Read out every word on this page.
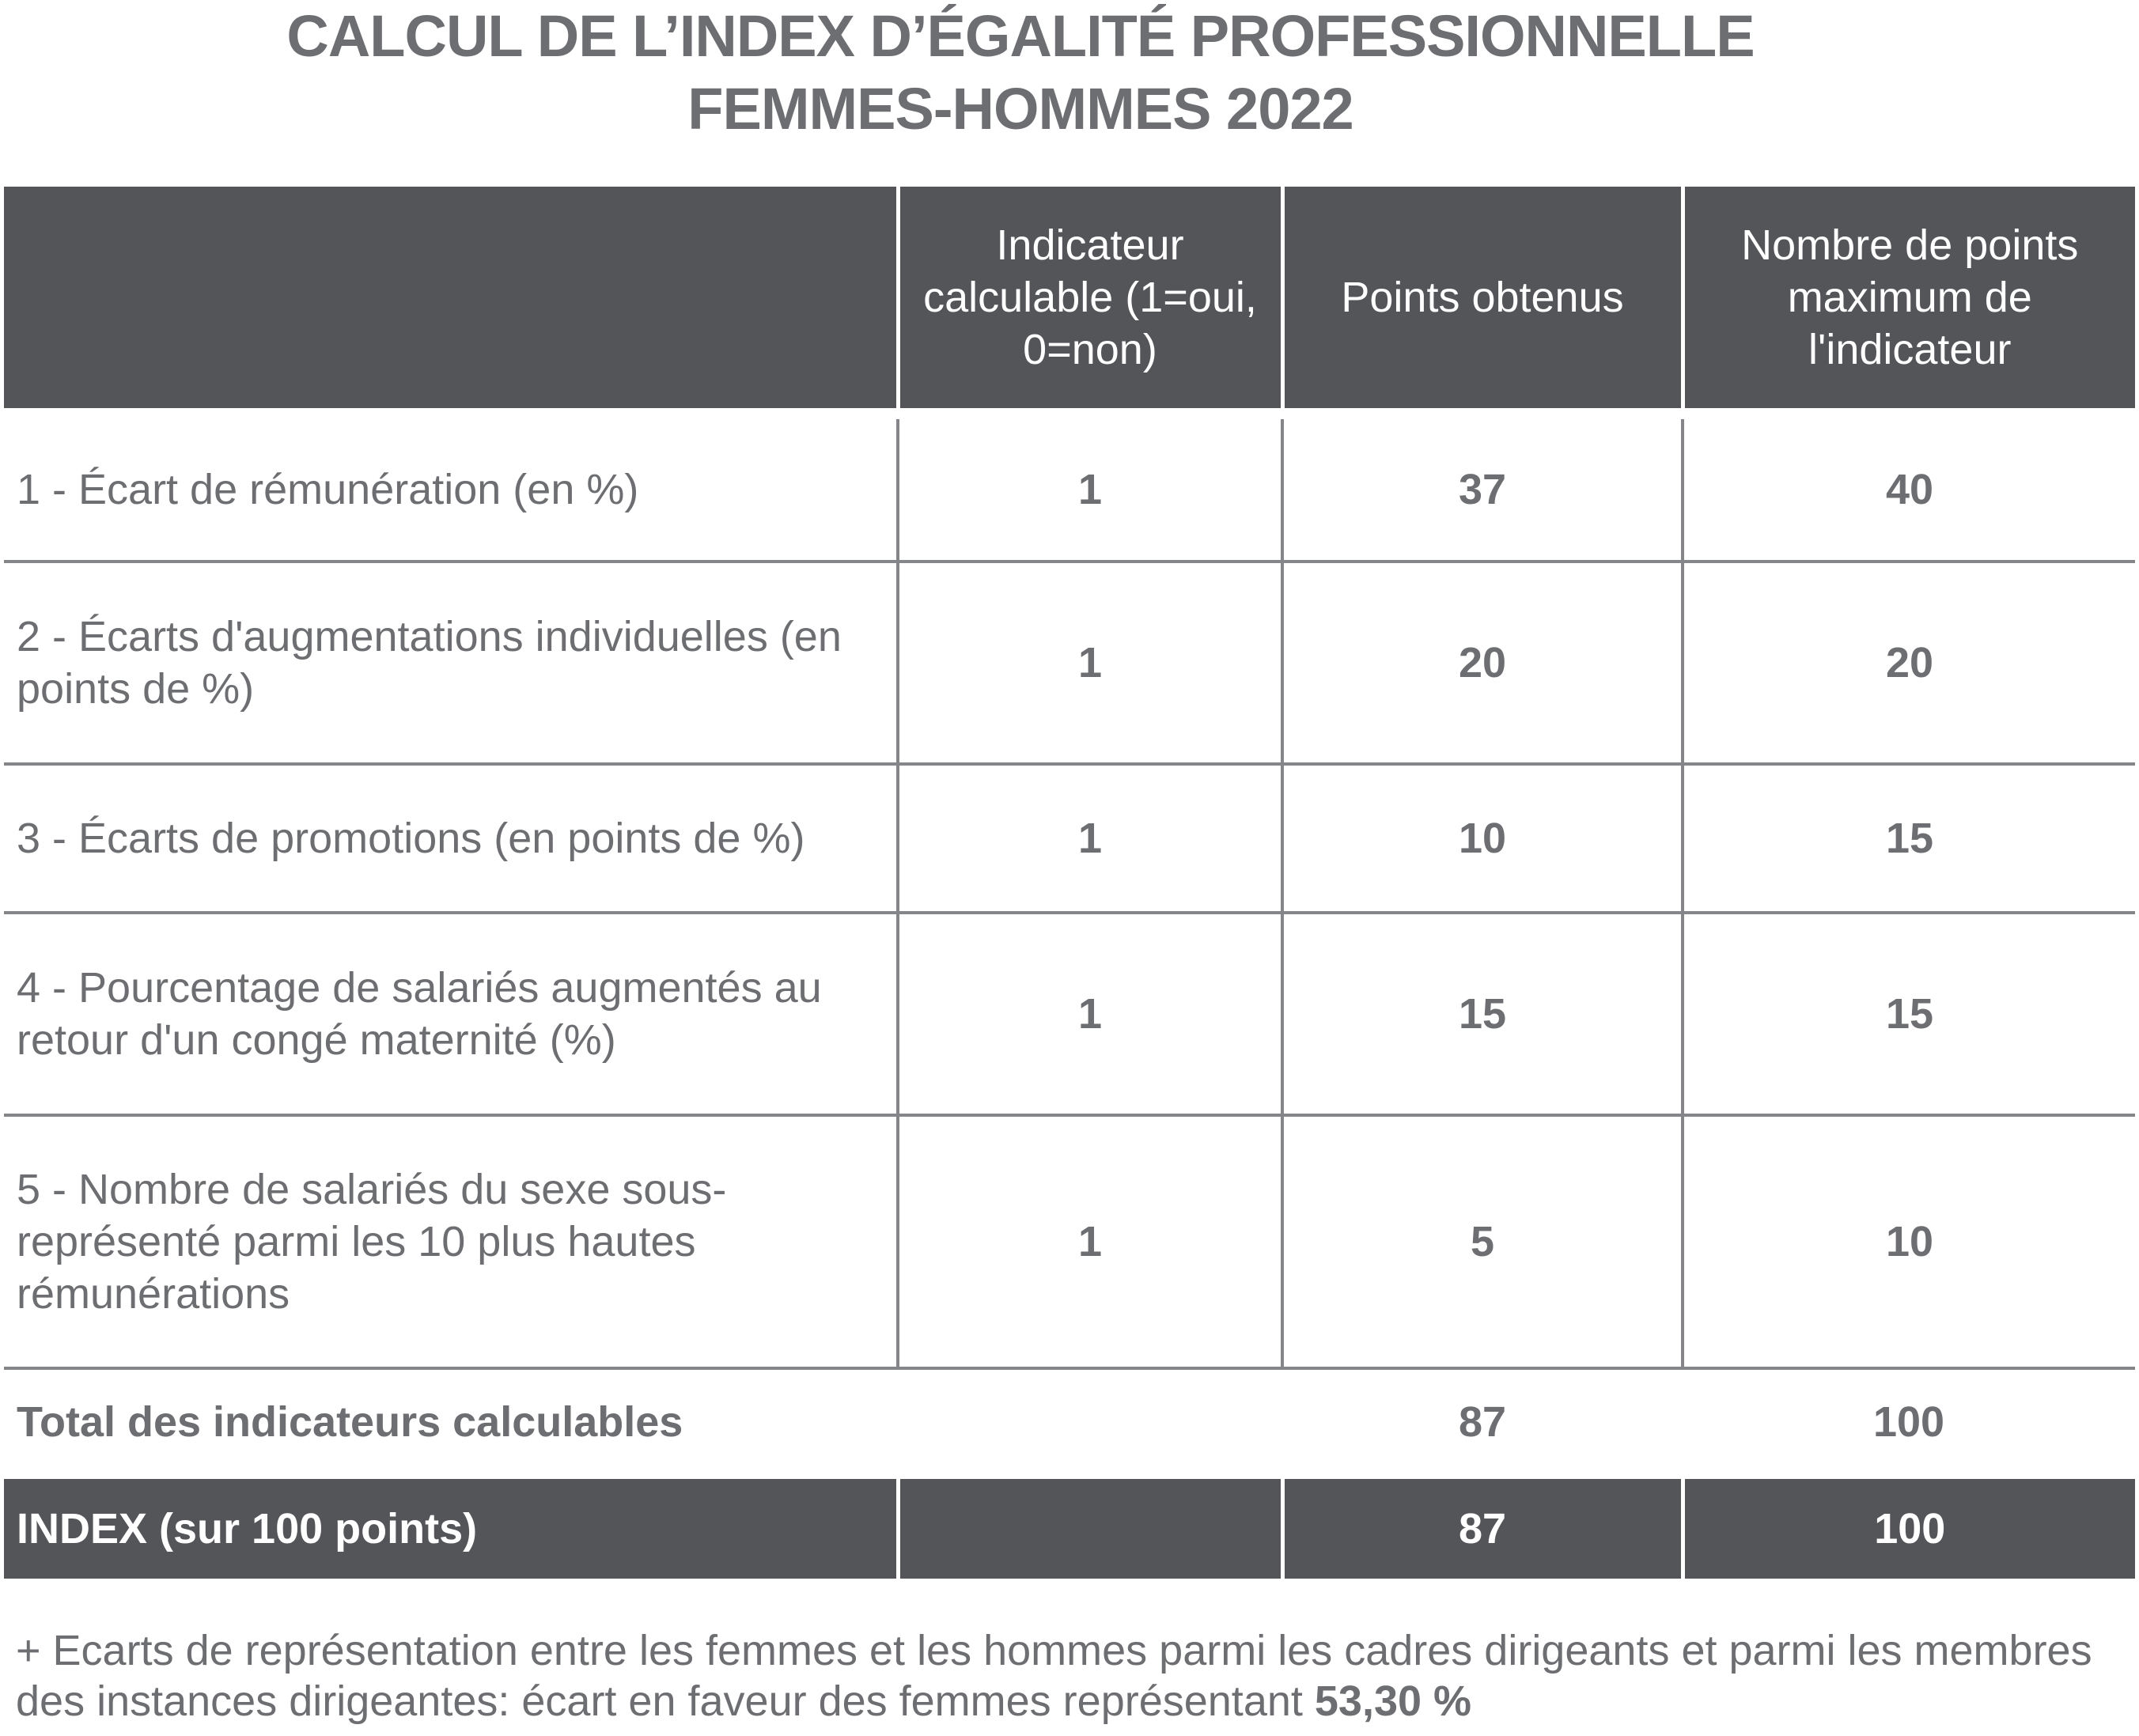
CALCUL DE L’INDEX D’ÉGALITÉ PROFESSIONNELLE
FEMMES-HOMMES 2022
	Indicateur calculable (1=oui, 0=non)	Points obtenus	Nombre de points maximum de l'indicateur

1 - Écart de rémunération (en %)	1	37	40
2 - Écarts d'augmentations individuelles (en points de %)	1	20	20
3 - Écarts de promotions (en points de %)	1	10	15
4 - Pourcentage de salariés augmentés au retour d'un congé maternité (%)	1	15	15
5 - Nombre de salariés du sexe sous-représenté parmi les 10 plus hautes rémunérations	1	5	10
Total des indicateurs calculables		87	100
INDEX (sur 100 points)		87	100
+ Ecarts de représentation entre les femmes et les hommes parmi les cadres dirigeants et parmi les membres des instances dirigeantes: écart en faveur des femmes représentant 53,30 %
